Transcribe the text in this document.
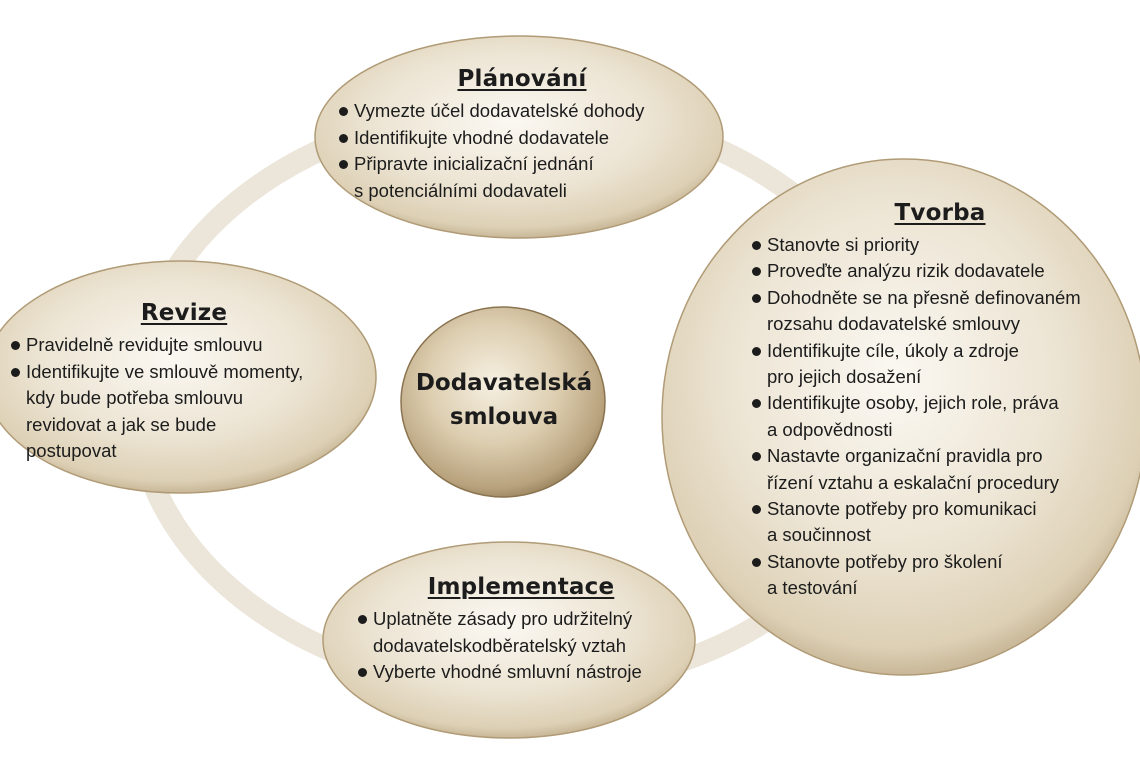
Dodavatelská
smlouva
Plánování
Vymezte účel dodavatelské dohody
Identifikujte vhodné dodavatele
Připravte inicializační jednání
s potenciálními dodavateli
Tvorba
Stanovte si priority
Proveďte analýzu rizik dodavatele
Dohodněte se na přesně definovaném
rozsahu dodavatelské smlouvy
Identifikujte cíle, úkoly a zdroje
pro jejich dosažení
Identifikujte osoby, jejich role, práva
a odpovědnosti
Nastavte organizační pravidla pro
řízení vztahu a eskalační procedury
Stanovte potřeby pro komunikaci
a součinnost
Stanovte potřeby pro školení
a testování
Revize
Pravidelně revidujte smlouvu
Identifikujte ve smlouvě momenty,
kdy bude potřeba smlouvu
revidovat a jak se bude
postupovat
Implementace
Uplatněte zásady pro udržitelný
dodavatelskodběratelský vztah
Vyberte vhodné smluvní nástroje
